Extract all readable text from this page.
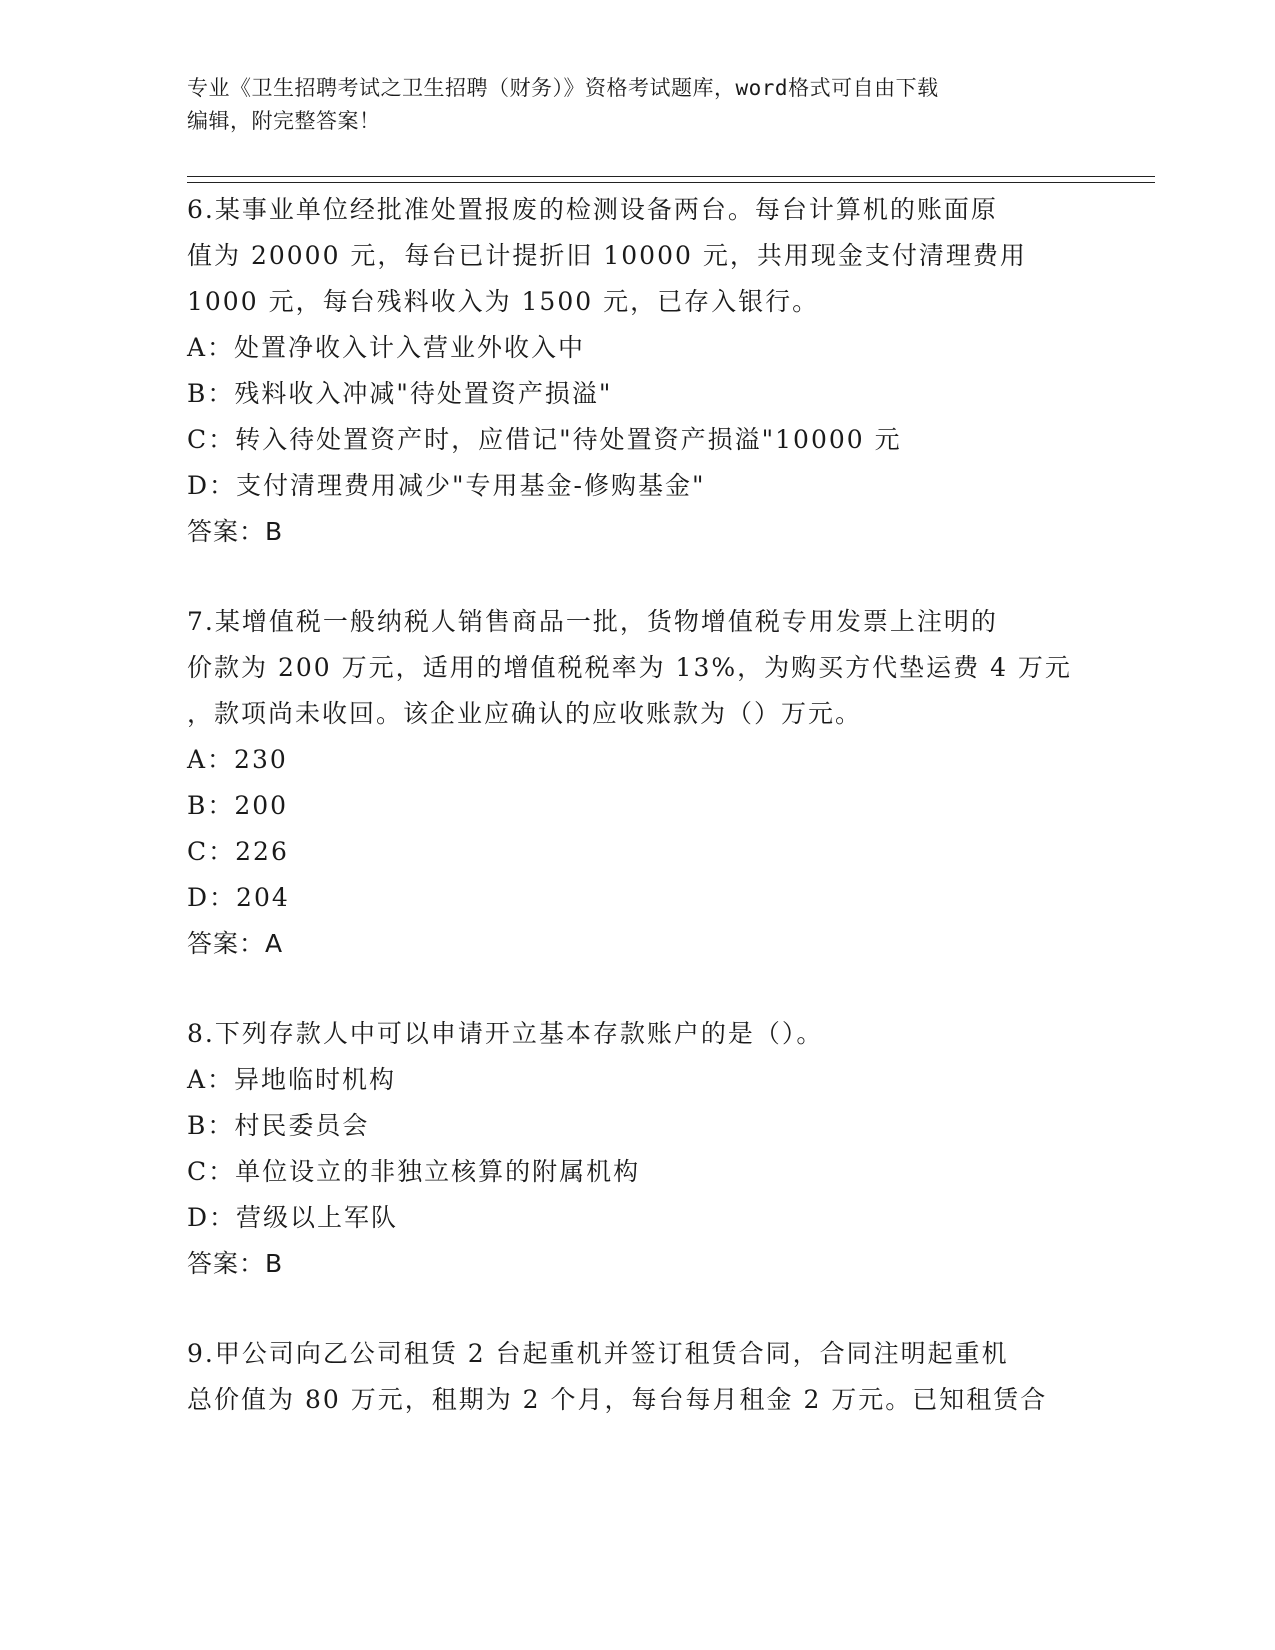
专业《卫生招聘考试之卫生招聘（财务）》资格考试题库，word格式可自由下载
编辑，附完整答案！
6.某事业单位经批准处置报废的检测设备两台。每台计算机的账面原
值为 20000 元，每台已计提折旧 10000 元，共用现金支付清理费用
1000 元，每台残料收入为 1500 元，已存入银行。
A：处置净收入计入营业外收入中
B：残料收入冲减"待处置资产损溢"
C：转入待处置资产时，应借记"待处置资产损溢"10000 元
D：支付清理费用减少"专用基金-修购基金"
答案：B
7.某增值税一般纳税人销售商品一批，货物增值税专用发票上注明的
价款为 200 万元，适用的增值税税率为 13%，为购买方代垫运费 4 万元
，款项尚未收回。该企业应确认的应收账款为（）万元。
A：230
B：200
C：226
D：204
答案：A
8.下列存款人中可以申请开立基本存款账户的是（）。
A：异地临时机构
B：村民委员会
C：单位设立的非独立核算的附属机构
D：营级以上军队
答案：B
9.甲公司向乙公司租赁 2 台起重机并签订租赁合同，合同注明起重机
总价值为 80 万元，租期为 2 个月，每台每月租金 2 万元。已知租赁合
